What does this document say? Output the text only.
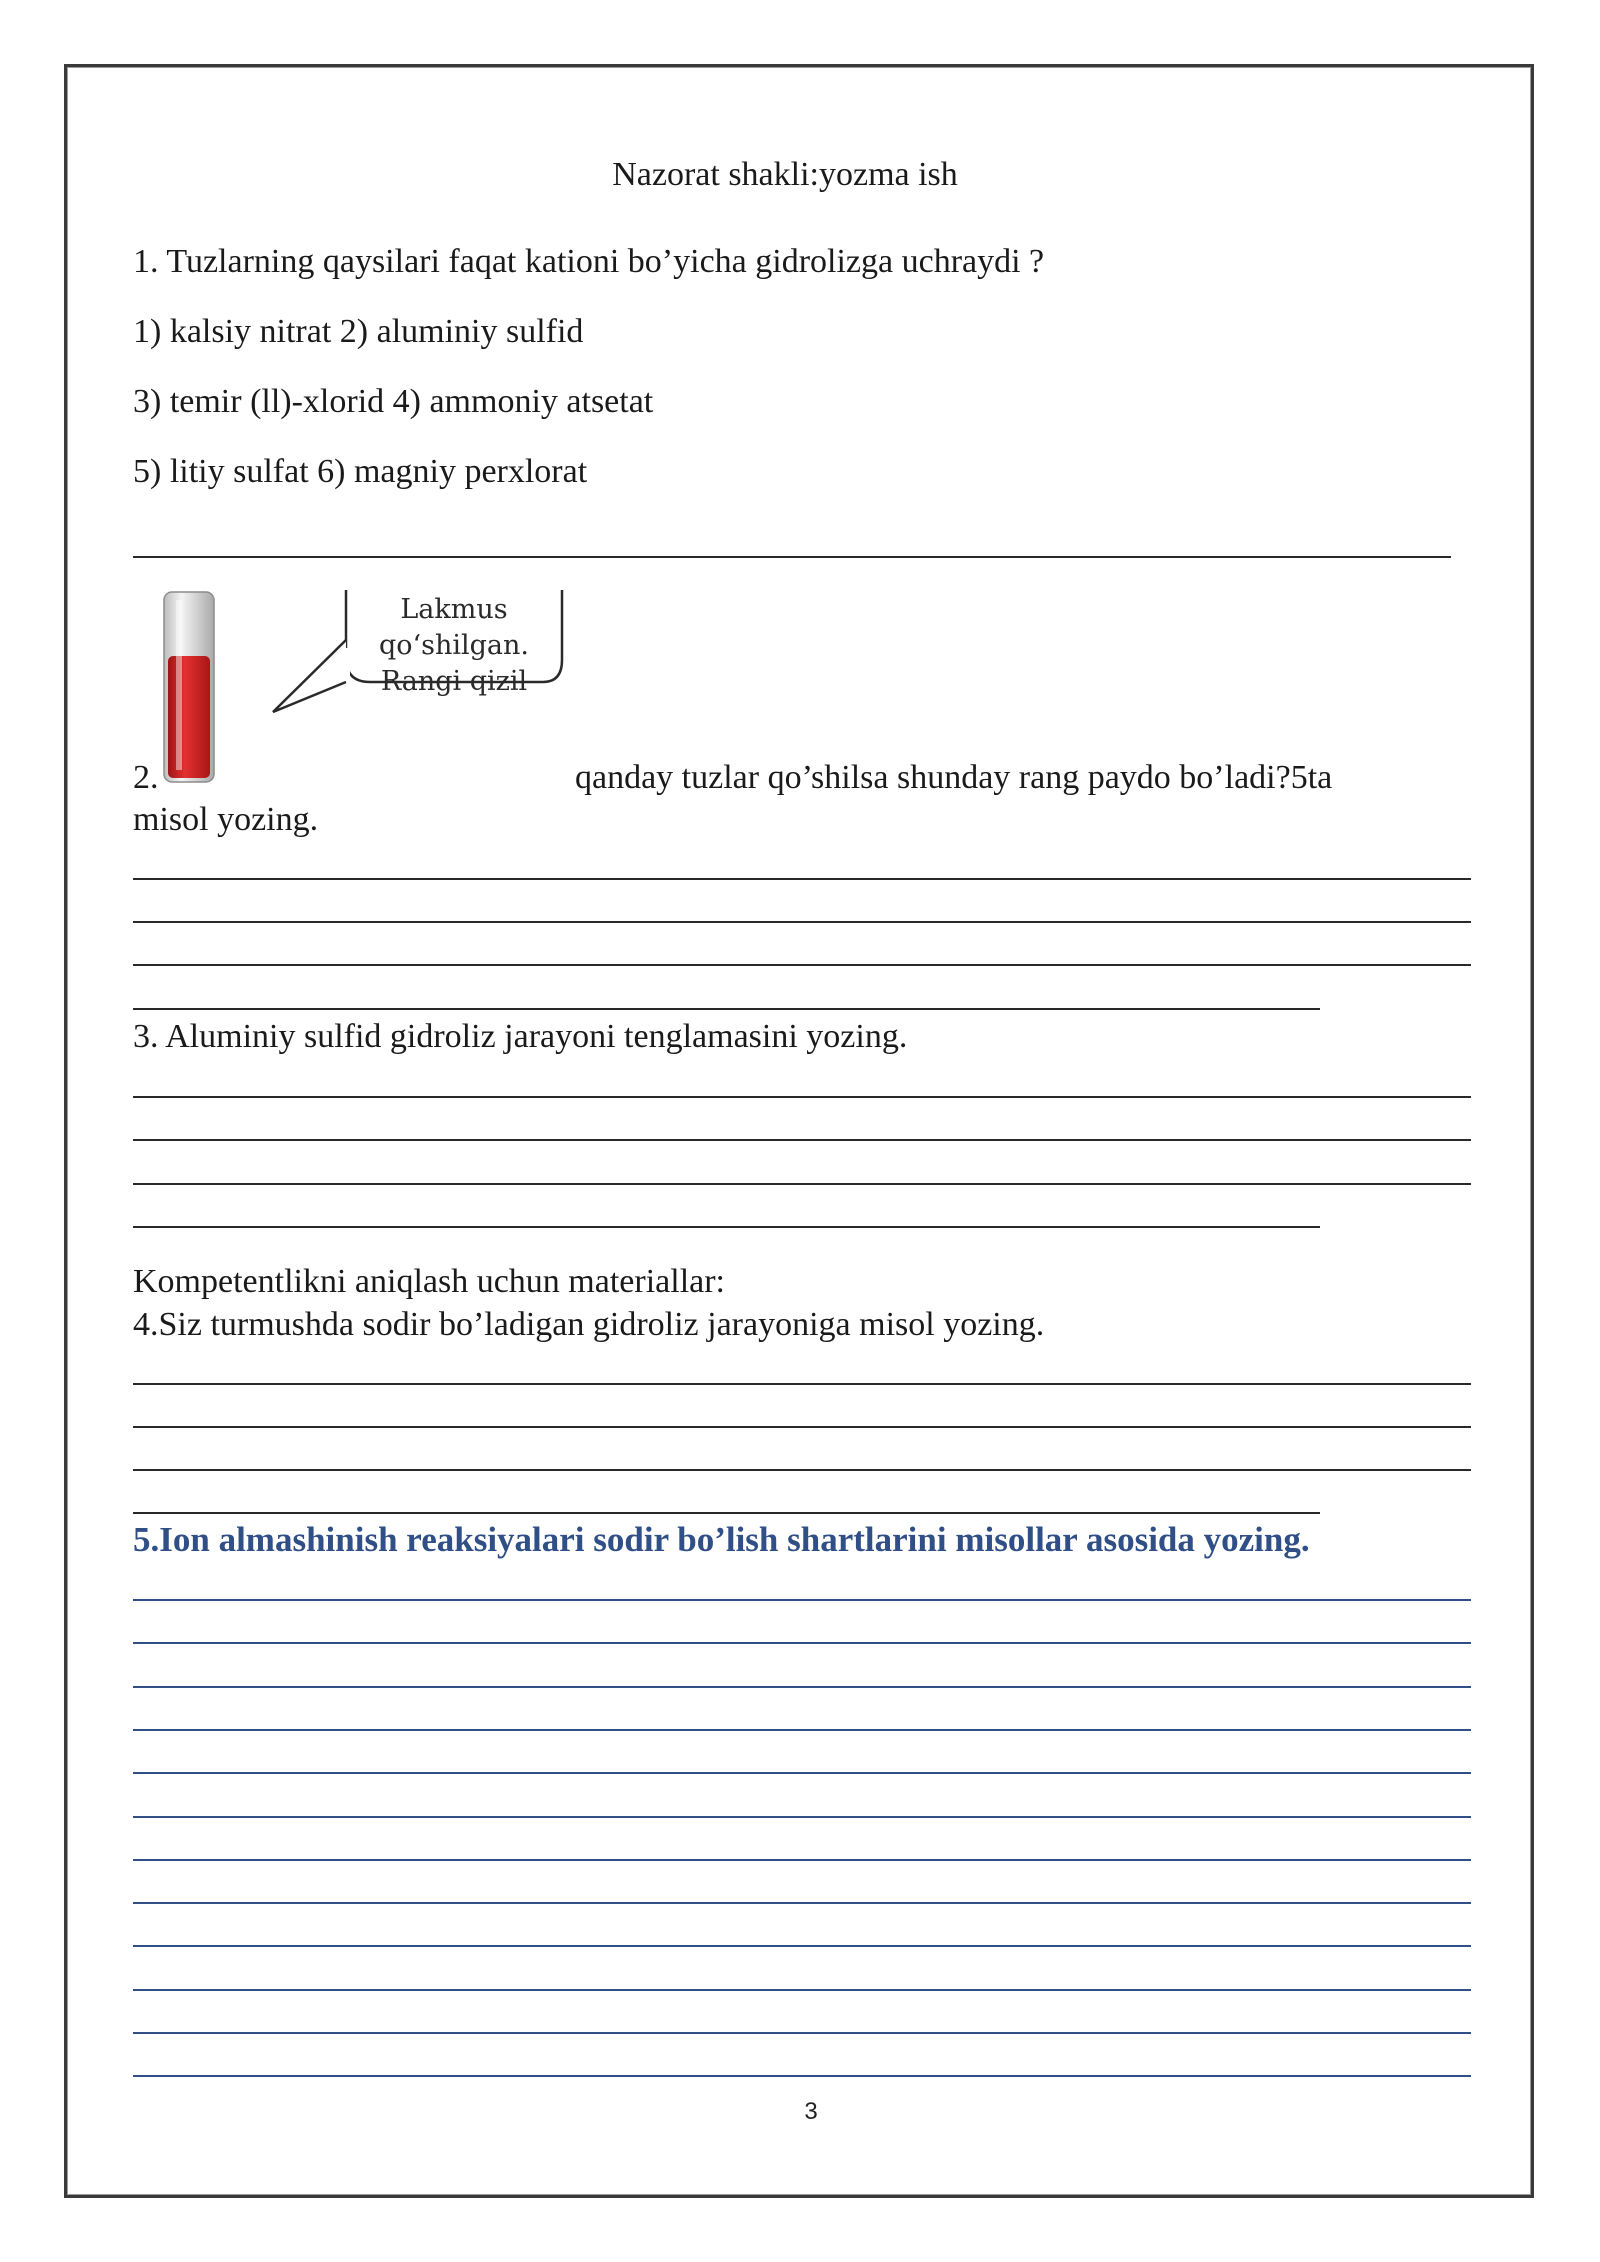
Nazorat shakli:yozma ish
1. Tuzlarning qaysilari faqat kationi bo’yicha gidrolizga uchraydi ?
1) kalsiy nitrat 2) aluminiy sulfid
3) temir (ll)-xlorid 4) ammoniy atsetat
5) litiy sulfat 6) magniy perxlorat
Lakmus
qo‘shilgan.
Rangi qizil
2.	qanday tuzlar qo’shilsa shunday rang paydo bo’ladi?5ta
misol yozing.
3. Aluminiy sulfid gidroliz jarayoni tenglamasini yozing.
Kompetentlikni aniqlash uchun materiallar:
4.Siz turmushda sodir bo’ladigan gidroliz jarayoniga misol yozing.
5.Ion almashinish reaksiyalari sodir bo’lish shartlarini misollar asosida yozing.
3
